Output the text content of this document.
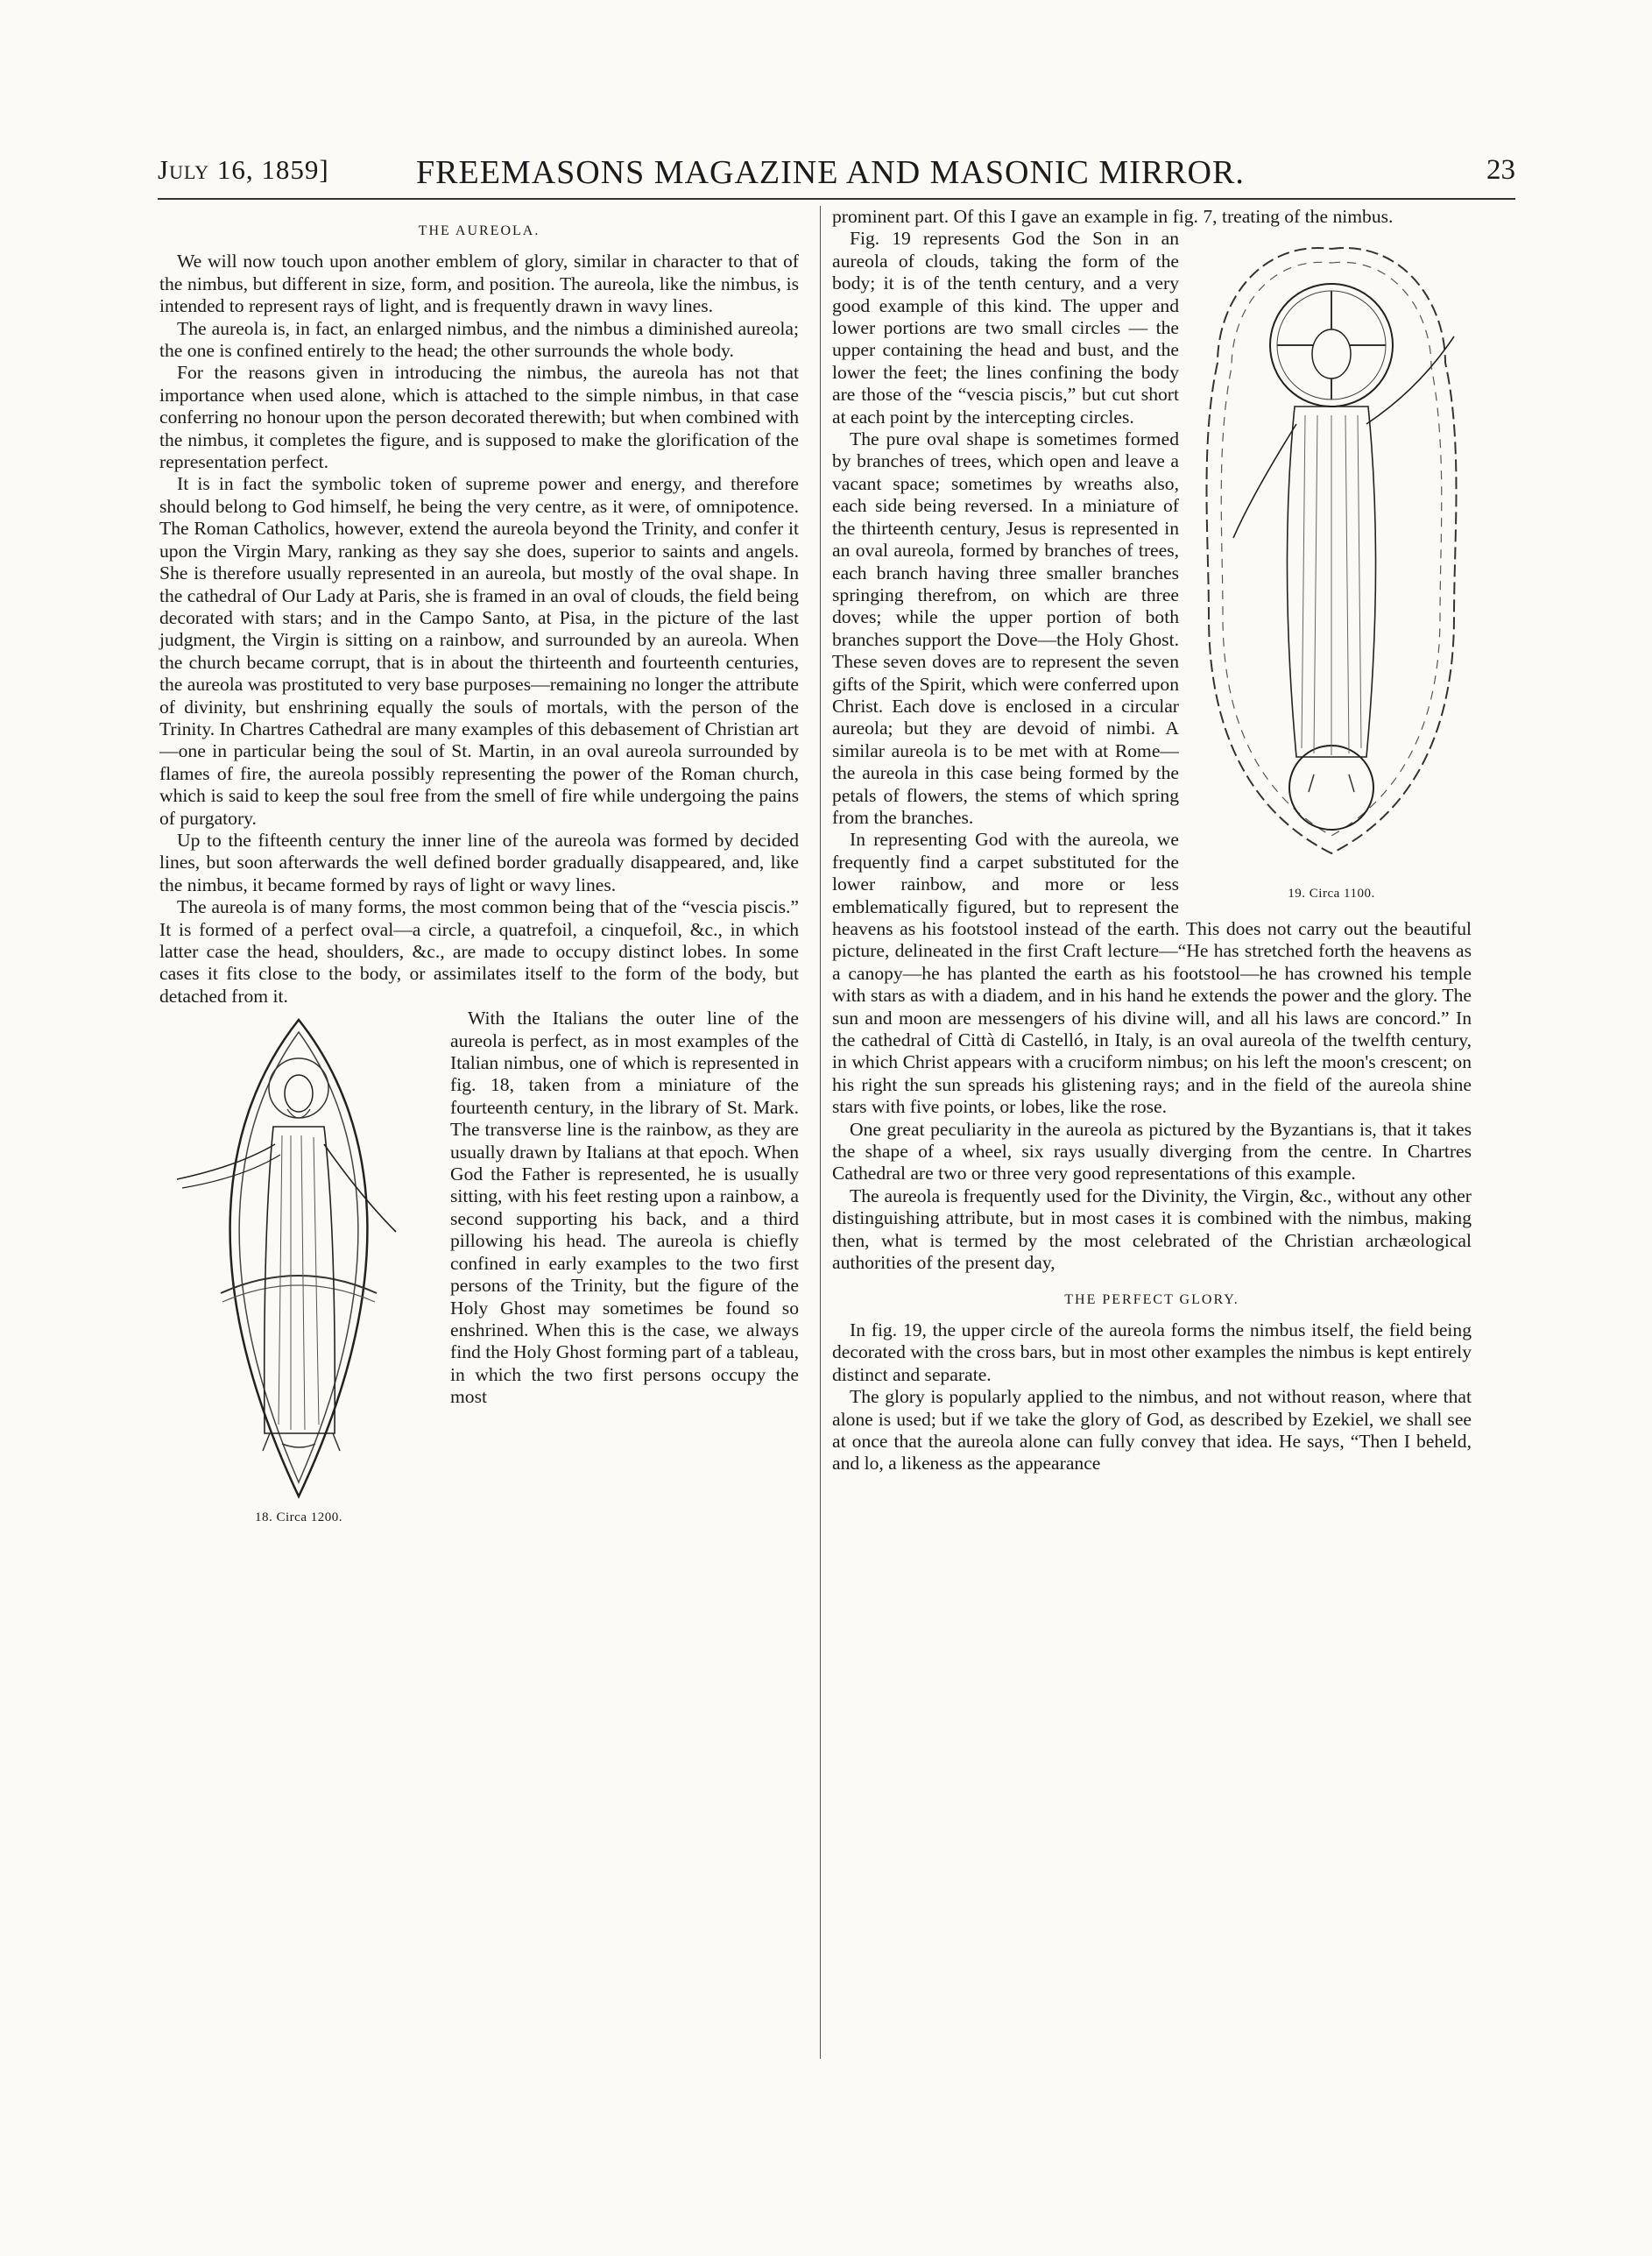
July 16, 1859]	FREEMASONS MAGAZINE AND MASONIC MIRROR.	23
THE AUREOLA.

We will now touch upon another emblem of glory, similar in character to that of the nimbus, but different in size, form, and position. The aureola, like the nimbus, is intended to represent rays of light, and is frequently drawn in wavy lines.

The aureola is, in fact, an enlarged nimbus, and the nimbus a diminished aureola; the one is confined entirely to the head; the other surrounds the whole body.

For the reasons given in introducing the nimbus, the aureola has not that importance when used alone, which is attached to the simple nimbus, in that case conferring no honour upon the person decorated therewith; but when combined with the nimbus, it completes the figure, and is supposed to make the glorification of the representation perfect.

It is in fact the symbolic token of supreme power and energy, and therefore should belong to God himself, he being the very centre, as it were, of omnipotence. The Roman Catholics, however, extend the aureola beyond the Trinity, and confer it upon the Virgin Mary, ranking as they say she does, superior to saints and angels. She is therefore usually represented in an aureola, but mostly of the oval shape. In the cathedral of Our Lady at Paris, she is framed in an oval of clouds, the field being decorated with stars; and in the Campo Santo, at Pisa, in the picture of the last judgment, the Virgin is sitting on a rainbow, and surrounded by an aureola. When the church became corrupt, that is in about the thirteenth and fourteenth centuries, the aureola was prostituted to very base purposes—remaining no longer the attribute of divinity, but enshrining equally the souls of mortals, with the person of the Trinity. In Chartres Cathedral are many examples of this debasement of Christian art—one in particular being the soul of St. Martin, in an oval aureola surrounded by flames of fire, the aureola possibly representing the power of the Roman church, which is said to keep the soul free from the smell of fire while undergoing the pains of purgatory.

Up to the fifteenth century the inner line of the aureola was formed by decided lines, but soon afterwards the well defined border gradually disappeared, and, like the nimbus, it became formed by rays of light or wavy lines.

The aureola is of many forms, the most common being that of the “vescia piscis.” It is formed of a perfect oval—a circle, a quatrefoil, a cinquefoil, &c., in which latter case the head, shoulders, &c., are made to occupy distinct lobes. In some cases it fits close to the body, or assimilates itself to the form of the body, but detached from it.

18. Circa 1200.

With the Italians the outer line of the aureola is perfect, as in most examples of the Italian nimbus, one of which is represented in fig. 18, taken from a miniature of the fourteenth century, in the library of St. Mark. The transverse line is the rainbow, as they are usually drawn by Italians at that epoch. When God the Father is represented, he is usually sitting, with his feet resting upon a rainbow, a second supporting his back, and a third pillowing his head. The aureola is chiefly confined in early examples to the two first persons of the Trinity, but the figure of the Holy Ghost may sometimes be found so enshrined. When this is the case, we always find the Holy Ghost forming part of a tableau, in which the two first persons occupy the most

prominent part. Of this I gave an example in fig. 7, treating of the nimbus.

19. Circa 1100.

Fig. 19 represents God the Son in an aureola of clouds, taking the form of the body; it is of the tenth century, and a very good example of this kind. The upper and lower portions are two small circles — the upper containing the head and bust, and the lower the feet; the lines confining the body are those of the “vescia piscis,” but cut short at each point by the intercepting circles.

The pure oval shape is sometimes formed by branches of trees, which open and leave a vacant space; sometimes by wreaths also, each side being reversed. In a miniature of the thirteenth century, Jesus is represented in an oval aureola, formed by branches of trees, each branch having three smaller branches springing therefrom, on which are three doves; while the upper portion of both branches support the Dove—the Holy Ghost. These seven doves are to represent the seven gifts of the Spirit, which were conferred upon Christ. Each dove is enclosed in a circular aureola; but they are devoid of nimbi. A similar aureola is to be met with at Rome—the aureola in this case being formed by the petals of flowers, the stems of which spring from the branches.

In representing God with the aureola, we frequently find a carpet substituted for the lower rainbow, and more or less emblematically figured, but to represent the heavens as his footstool instead of the earth. This does not carry out the beautiful picture, delineated in the first Craft lecture—“He has stretched forth the heavens as a canopy—he has planted the earth as his footstool—he has crowned his temple with stars as with a diadem, and in his hand he extends the power and the glory. The sun and moon are messengers of his divine will, and all his laws are concord.” In the cathedral of Città di Castelló, in Italy, is an oval aureola of the twelfth century, in which Christ appears with a cruciform nimbus; on his left the moon's crescent; on his right the sun spreads his glistening rays; and in the field of the aureola shine stars with five points, or lobes, like the rose.

One great peculiarity in the aureola as pictured by the Byzantians is, that it takes the shape of a wheel, six rays usually diverging from the centre. In Chartres Cathedral are two or three very good representations of this example.

The aureola is frequently used for the Divinity, the Virgin, &c., without any other distinguishing attribute, but in most cases it is combined with the nimbus, making then, what is termed by the most celebrated of the Christian archæological authorities of the present day,

THE PERFECT GLORY.

In fig. 19, the upper circle of the aureola forms the nimbus itself, the field being decorated with the cross bars, but in most other examples the nimbus is kept entirely distinct and separate.

The glory is popularly applied to the nimbus, and not without reason, where that alone is used; but if we take the glory of God, as described by Ezekiel, we shall see at once that the aureola alone can fully convey that idea. He says, “Then I beheld, and lo, a likeness as the appearance
